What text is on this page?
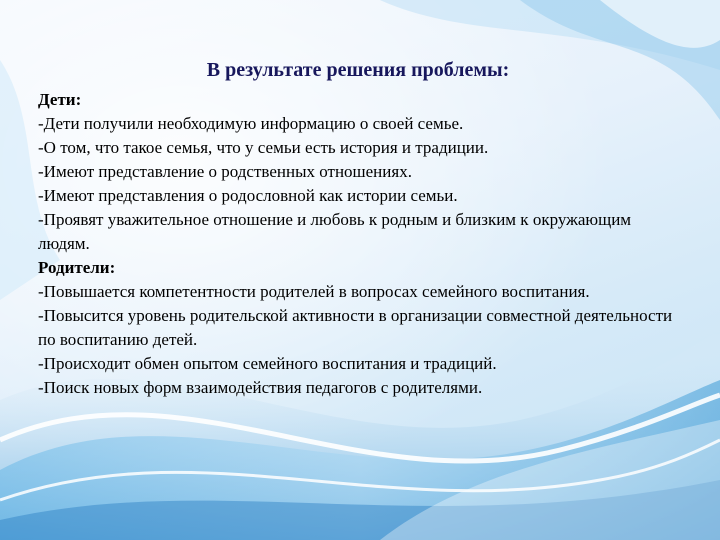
В результате решения проблемы:
Дети:
-Дети получили необходимую информацию о своей семье.
-О том, что такое семья, что у семьи есть история и традиции.
-Имеют представление о родственных отношениях.
-Имеют представления о родословной как истории семьи.
-Проявят уважительное отношение и любовь к родным и близким к окружающим людям.
Родители:
-Повышается компетентности родителей в вопросах семейного воспитания.
-Повысится уровень родительской активности в организации совместной деятельности по воспитанию детей.
-Происходит обмен опытом семейного воспитания и традиций.
-Поиск новых форм взаимодействия педагогов с родителями.
